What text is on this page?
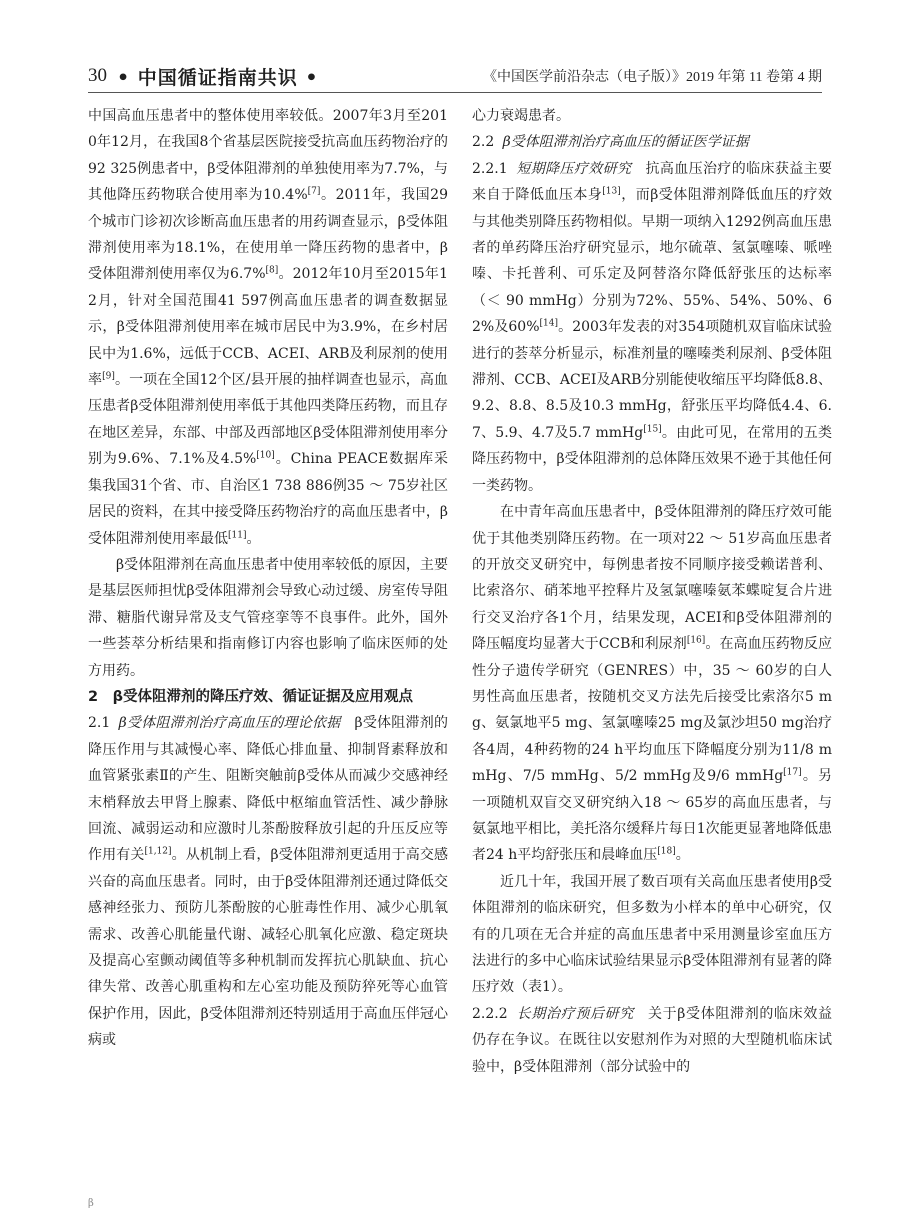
30 • 中国循证指南共识 •	《中国医学前沿杂志（电子版）》2019 年第 11 卷第 4 期

中国高血压患者中的整体使用率较低。2007年3月至2010年12月，在我国8个省基层医院接受抗高血压药物治疗的92 325例患者中，β受体阻滞剂的单独使用率为7.7%，与其他降压药物联合使用率为10.4%[7]。2011年，我国29个城市门诊初次诊断高血压患者的用药调查显示，β受体阻滞剂使用率为18.1%，在使用单一降压药物的患者中，β受体阻滞剂使用率仅为6.7%[8]。2012年10月至2015年12月，针对全国范围41 597例高血压患者的调查数据显示，β受体阻滞剂使用率在城市居民中为3.9%，在乡村居民中为1.6%，远低于CCB、ACEI、ARB及利尿剂的使用率[9]。一项在全国12个区/县开展的抽样调查也显示，高血压患者β受体阻滞剂使用率低于其他四类降压药物，而且存在地区差异，东部、中部及西部地区β受体阻滞剂使用率分别为9.6%、7.1%及4.5%[10]。China PEACE数据库采集我国31个省、市、自治区1 738 886例35 ～ 75岁社区居民的资料，在其中接受降压药物治疗的高血压患者中，β受体阻滞剂使用率最低[11]。

β受体阻滞剂在高血压患者中使用率较低的原因，主要是基层医师担忧β受体阻滞剂会导致心动过缓、房室传导阻滞、糖脂代谢异常及支气管痉挛等不良事件。此外，国外一些荟萃分析结果和指南修订内容也影响了临床医师的处方用药。

2　β受体阻滞剂的降压疗效、循证证据及应用观点

2.1 β受体阻滞剂治疗高血压的理论依据 β受体阻滞剂的降压作用与其减慢心率、降低心排血量、抑制肾素释放和血管紧张素Ⅱ的产生、阻断突触前β受体从而减少交感神经末梢释放去甲肾上腺素、降低中枢缩血管活性、减少静脉回流、减弱运动和应激时儿茶酚胺释放引起的升压反应等作用有关[1,12]。从机制上看，β受体阻滞剂更适用于高交感兴奋的高血压患者。同时，由于β受体阻滞剂还通过降低交感神经张力、预防儿茶酚胺的心脏毒性作用、减少心肌氧需求、改善心肌能量代谢、减轻心肌氧化应激、稳定斑块及提高心室颤动阈值等多种机制而发挥抗心肌缺血、抗心律失常、改善心肌重构和左心室功能及预防猝死等心血管保护作用，因此，β受体阻滞剂还特别适用于高血压伴冠心病或

心力衰竭患者。

2.2 β受体阻滞剂治疗高血压的循证医学证据

2.2.1 短期降压疗效研究 抗高血压治疗的临床获益主要来自于降低血压本身[13]，而β受体阻滞剂降低血压的疗效与其他类别降压药物相似。早期一项纳入1292例高血压患者的单药降压治疗研究显示，地尔硫䓬、氢氯噻嗪、哌唑嗪、卡托普利、可乐定及阿替洛尔降低舒张压的达标率（＜ 90 mmHg）分别为72%、55%、54%、50%、62%及60%[14]。2003年发表的对354项随机双盲临床试验进行的荟萃分析显示，标准剂量的噻嗪类利尿剂、β受体阻滞剂、CCB、ACEI及ARB分别能使收缩压平均降低8.8、9.2、8.8、8.5及10.3 mmHg，舒张压平均降低4.4、6.7、5.9、4.7及5.7 mmHg[15]。由此可见，在常用的五类降压药物中，β受体阻滞剂的总体降压效果不逊于其他任何一类药物。

在中青年高血压患者中，β受体阻滞剂的降压疗效可能优于其他类别降压药物。在一项对22 ～ 51岁高血压患者的开放交叉研究中，每例患者按不同顺序接受赖诺普利、比索洛尔、硝苯地平控释片及氢氯噻嗪氨苯蝶啶复合片进行交叉治疗各1个月，结果发现，ACEI和β受体阻滞剂的降压幅度均显著大于CCB和利尿剂[16]。在高血压药物反应性分子遗传学研究（GENRES）中，35 ～ 60岁的白人男性高血压患者，按随机交叉方法先后接受比索洛尔5 mg、氨氯地平5 mg、氢氯噻嗪25 mg及氯沙坦50 mg治疗各4周，4种药物的24 h平均血压下降幅度分别为11/8 mmHg、7/5 mmHg、5/2 mmHg及9/6 mmHg[17]。另一项随机双盲交叉研究纳入18 ～ 65岁的高血压患者，与氨氯地平相比，美托洛尔缓释片每日1次能更显著地降低患者24 h平均舒张压和晨峰血压[18]。

近几十年，我国开展了数百项有关高血压患者使用β受体阻滞剂的临床研究，但多数为小样本的单中心研究，仅有的几项在无合并症的高血压患者中采用测量诊室血压方法进行的多中心临床试验结果显示β受体阻滞剂有显著的降压疗效（表1）。

2.2.2 长期治疗预后研究 关于β受体阻滞剂的临床效益仍存在争议。在既往以安慰剂作为对照的大型随机临床试验中，β受体阻滞剂（部分试验中的

β
